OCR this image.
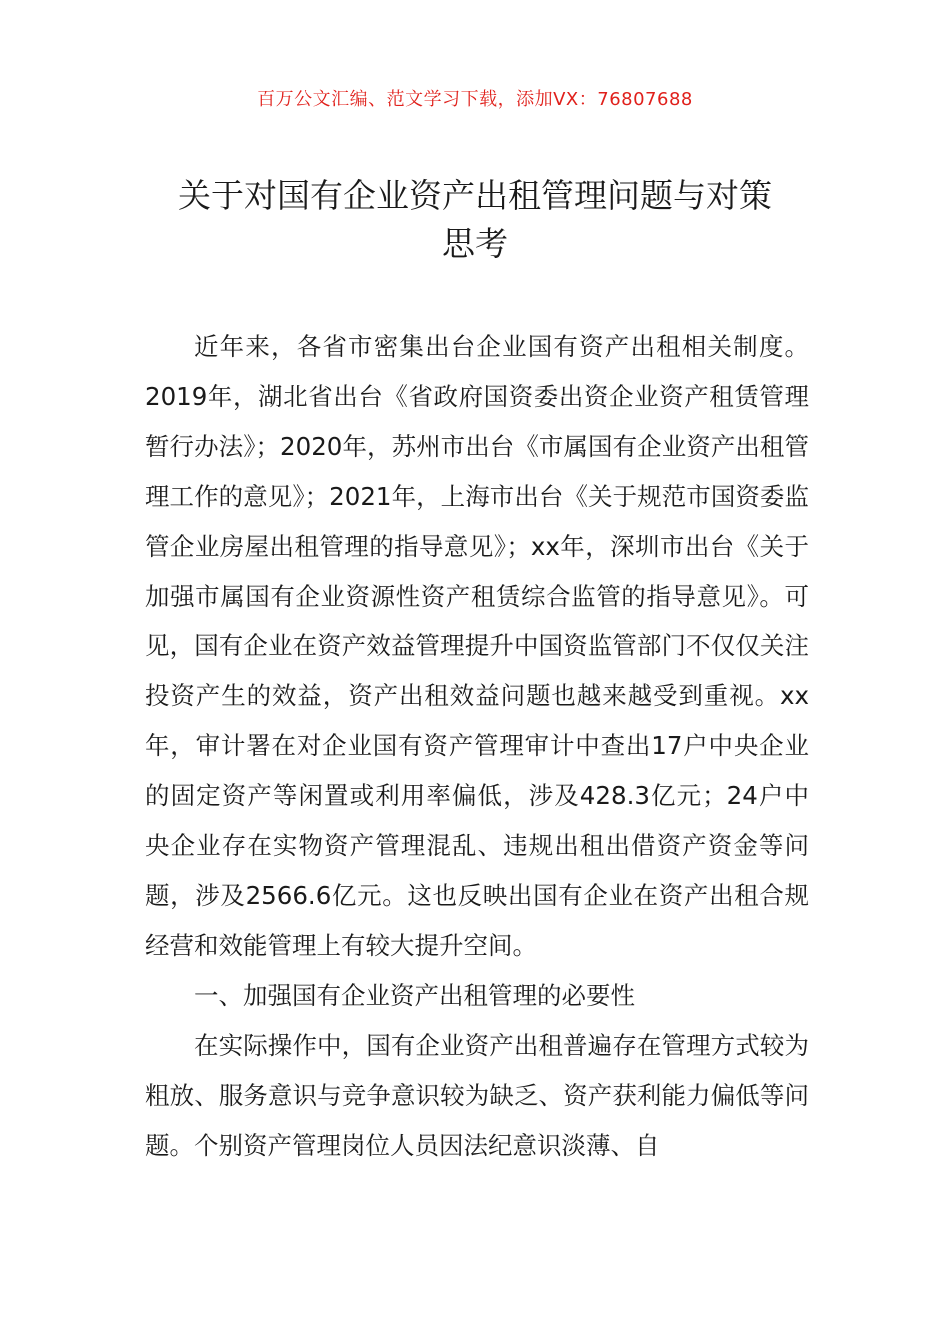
百万公文汇编、范文学习下载，添加VX：76807688
关于对国有企业资产出租管理问题与对策
思考

近年来，各省市密集出台企业国有资产出租相关制度。2019年，湖北省出台《省政府国资委出资企业资产租赁管理暂行办法》；2020年，苏州市出台《市属国有企业资产出租管理工作的意见》；2021年，上海市出台《关于规范市国资委监管企业房屋出租管理的指导意见》；xx年，深圳市出台《关于加强市属国有企业资源性资产租赁综合监管的指导意见》。可见，国有企业在资产效益管理提升中国资监管部门不仅仅关注投资产生的效益，资产出租效益问题也越来越受到重视。xx年，审计署在对企业国有资产管理审计中查出17户中央企业的固定资产等闲置或利用率偏低，涉及428.3亿元；24户中央企业存在实物资产管理混乱、违规出租出借资产资金等问题，涉及2566.6亿元。这也反映出国有企业在资产出租合规经营和效能管理上有较大提升空间。

一、加强国有企业资产出租管理的必要性

在实际操作中，国有企业资产出租普遍存在管理方式较为粗放、服务意识与竞争意识较为缺乏、资产获利能力偏低等问题。个别资产管理岗位人员因法纪意识淡薄、自
